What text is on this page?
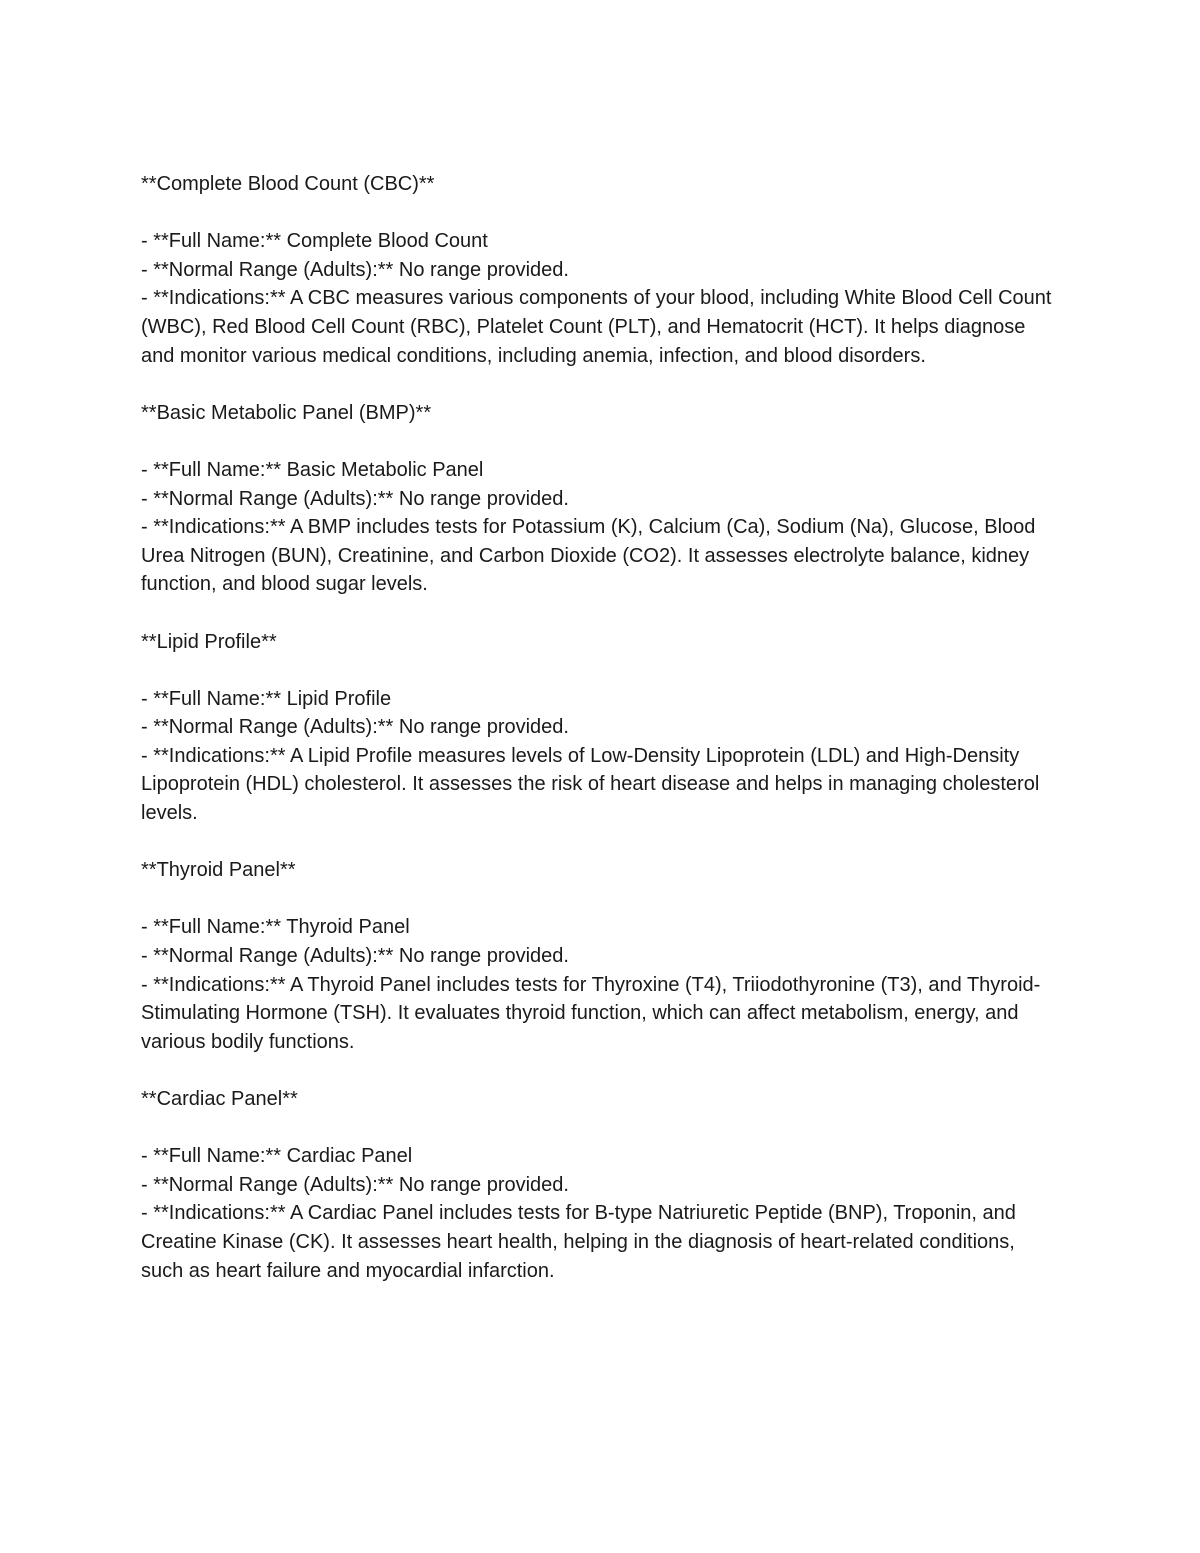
**Complete Blood Count (CBC)**

- **Full Name:** Complete Blood Count

- **Normal Range (Adults):** No range provided.

- **Indications:** A CBC measures various components of your blood, including White Blood Cell Count (WBC), Red Blood Cell Count (RBC), Platelet Count (PLT), and Hematocrit (HCT). It helps diagnose and monitor various medical conditions, including anemia, infection, and blood disorders.

**Basic Metabolic Panel (BMP)**

- **Full Name:** Basic Metabolic Panel

- **Normal Range (Adults):** No range provided.

- **Indications:** A BMP includes tests for Potassium (K), Calcium (Ca), Sodium (Na), Glucose, Blood Urea Nitrogen (BUN), Creatinine, and Carbon Dioxide (CO2). It assesses electrolyte balance, kidney function, and blood sugar levels.

**Lipid Profile**

- **Full Name:** Lipid Profile

- **Normal Range (Adults):** No range provided.

- **Indications:** A Lipid Profile measures levels of Low-Density Lipoprotein (LDL) and High-Density Lipoprotein (HDL) cholesterol. It assesses the risk of heart disease and helps in managing cholesterol levels.

**Thyroid Panel**

- **Full Name:** Thyroid Panel

- **Normal Range (Adults):** No range provided.

- **Indications:** A Thyroid Panel includes tests for Thyroxine (T4), Triiodothyronine (T3), and Thyroid-Stimulating Hormone (TSH). It evaluates thyroid function, which can affect metabolism, energy, and various bodily functions.

**Cardiac Panel**

- **Full Name:** Cardiac Panel

- **Normal Range (Adults):** No range provided.

- **Indications:** A Cardiac Panel includes tests for B-type Natriuretic Peptide (BNP), Troponin, and Creatine Kinase (CK). It assesses heart health, helping in the diagnosis of heart-related conditions, such as heart failure and myocardial infarction.
